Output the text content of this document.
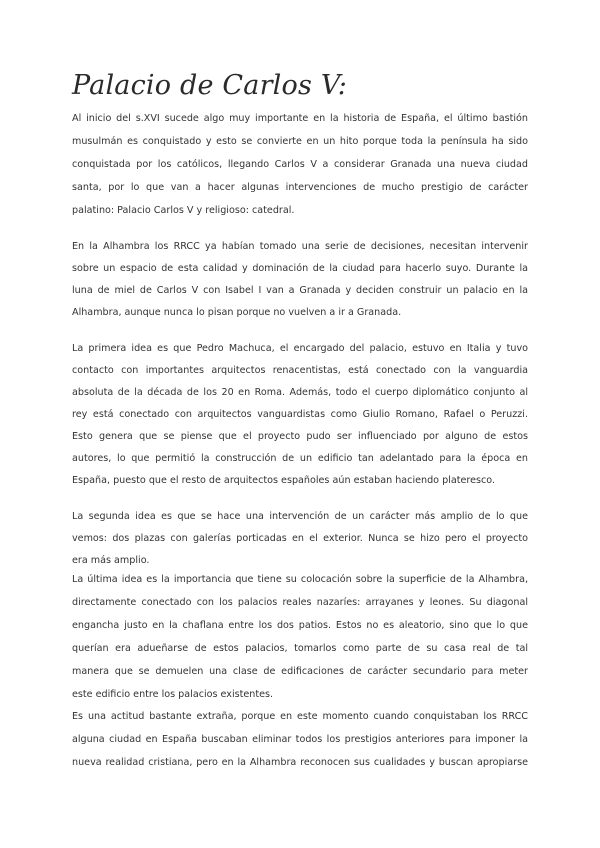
Palacio de Carlos V:

Al inicio del s.XVI sucede algo muy importante en la historia de España, el último bastión

musulmán es conquistado y esto se convierte en un hito porque toda la península ha sido

conquistada por los católicos, llegando Carlos V a considerar Granada una nueva ciudad

santa, por lo que van a hacer algunas intervenciones de mucho prestigio de carácter

palatino: Palacio Carlos V y religioso: catedral.

En la Alhambra los RRCC ya habían tomado una serie de decisiones, necesitan intervenir

sobre un espacio de esta calidad y dominación de la ciudad para hacerlo suyo. Durante la

luna de miel de Carlos V con Isabel I van a Granada y deciden construir un palacio en la

Alhambra, aunque nunca lo pisan porque no vuelven a ir a Granada.

La primera idea es que Pedro Machuca, el encargado del palacio, estuvo en Italia y tuvo

contacto con importantes arquitectos renacentistas, está conectado con la vanguardia

absoluta de la década de los 20 en Roma. Además, todo el cuerpo diplomático conjunto al

rey está conectado con arquitectos vanguardistas como Giulio Romano, Rafael o Peruzzi.

Esto genera que se piense que el proyecto pudo ser influenciado por alguno de estos

autores, lo que permitió la construcción de un edificio tan adelantado para la época en

España, puesto que el resto de arquitectos españoles aún estaban haciendo plateresco.

La segunda idea es que se hace una intervención de un carácter más amplio de lo que

vemos: dos plazas con galerías porticadas en el exterior. Nunca se hizo pero el proyecto

era más amplio.

La última idea es la importancia que tiene su colocación sobre la superficie de la Alhambra,

directamente conectado con los palacios reales nazaríes: arrayanes y leones. Su diagonal

engancha justo en la chaflana entre los dos patios. Estos no es aleatorio, sino que lo que

querían era adueñarse de estos palacios, tomarlos como parte de su casa real de tal

manera que se demuelen una clase de edificaciones de carácter secundario para meter

este edificio entre los palacios existentes.

Es una actitud bastante extraña, porque en este momento cuando conquistaban los RRCC

alguna ciudad en España buscaban eliminar todos los prestigios anteriores para imponer la

nueva realidad cristiana, pero en la Alhambra reconocen sus cualidades y buscan apropiarse
